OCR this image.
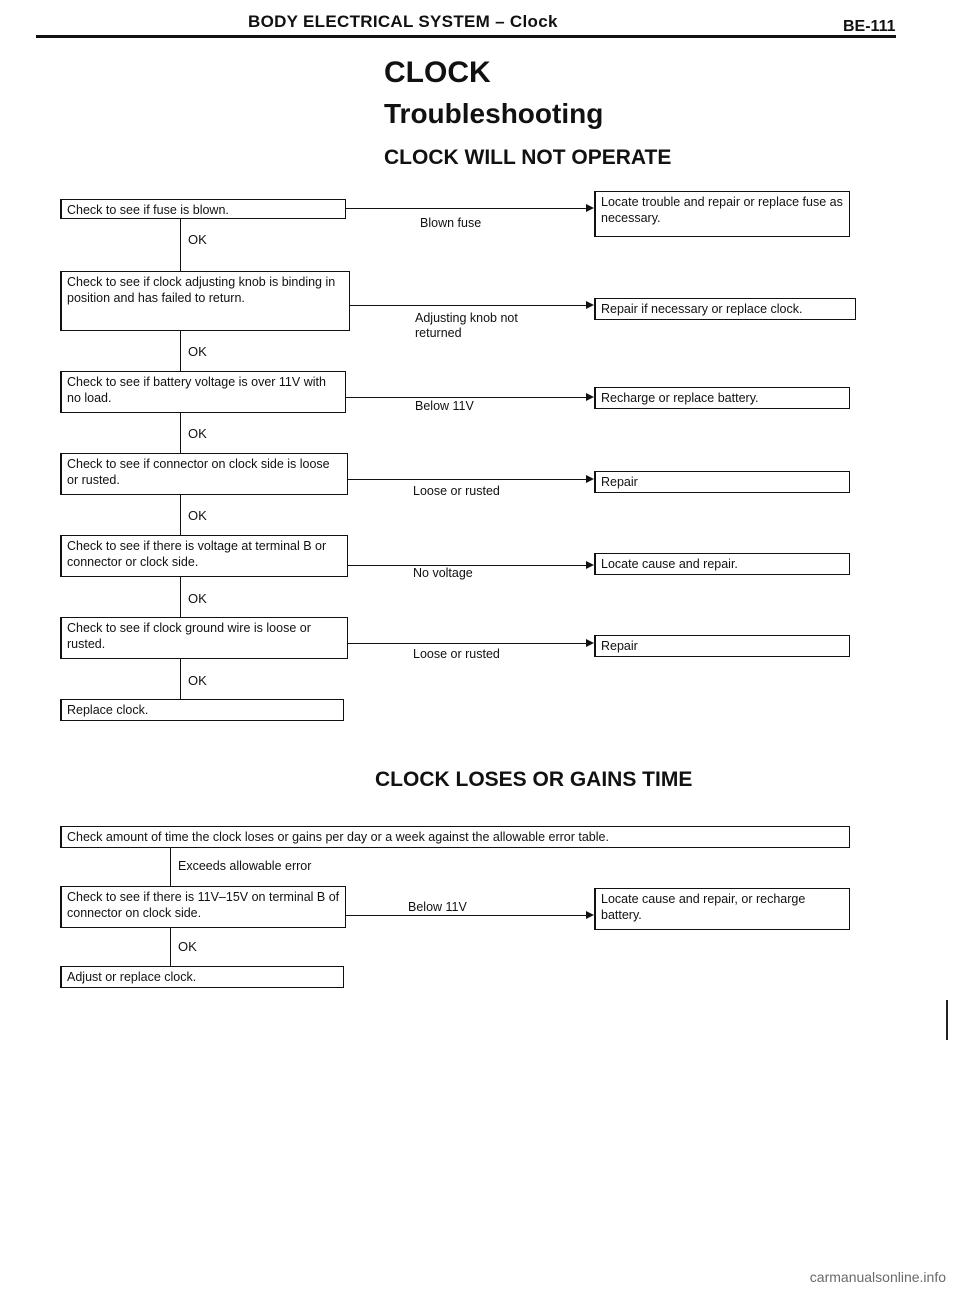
BODY ELECTRICAL SYSTEM – Clock	BE-111
CLOCK
Troubleshooting
CLOCK WILL NOT OPERATE
Check to see if fuse is blown.
Blown fuse
Locate trouble and repair or replace fuse as necessary.
OK
Check to see if clock adjusting knob is binding in position and has failed to return.
Adjusting knob not returned
Repair if necessary or replace clock.
OK
Check to see if battery voltage is over 11V with no load.
Below 11V
Recharge or replace battery.
OK
Check to see if connector on clock side is loose or rusted.
Loose or rusted
Repair
OK
Check to see if there is voltage at terminal B or connector or clock side.
No voltage
Locate cause and repair.
OK
Check to see if clock ground wire is loose or rusted.
Loose or rusted
Repair
OK
Replace clock.
CLOCK LOSES OR GAINS TIME
Check amount of time the clock loses or gains per day or a week against the allowable error table.
Exceeds allowable error
Check to see if there is 11V–15V on terminal B of connector on clock side.	Below 11V
Locate cause and repair, or recharge battery.
OK
Adjust or replace clock.
carmanualsonline.info
